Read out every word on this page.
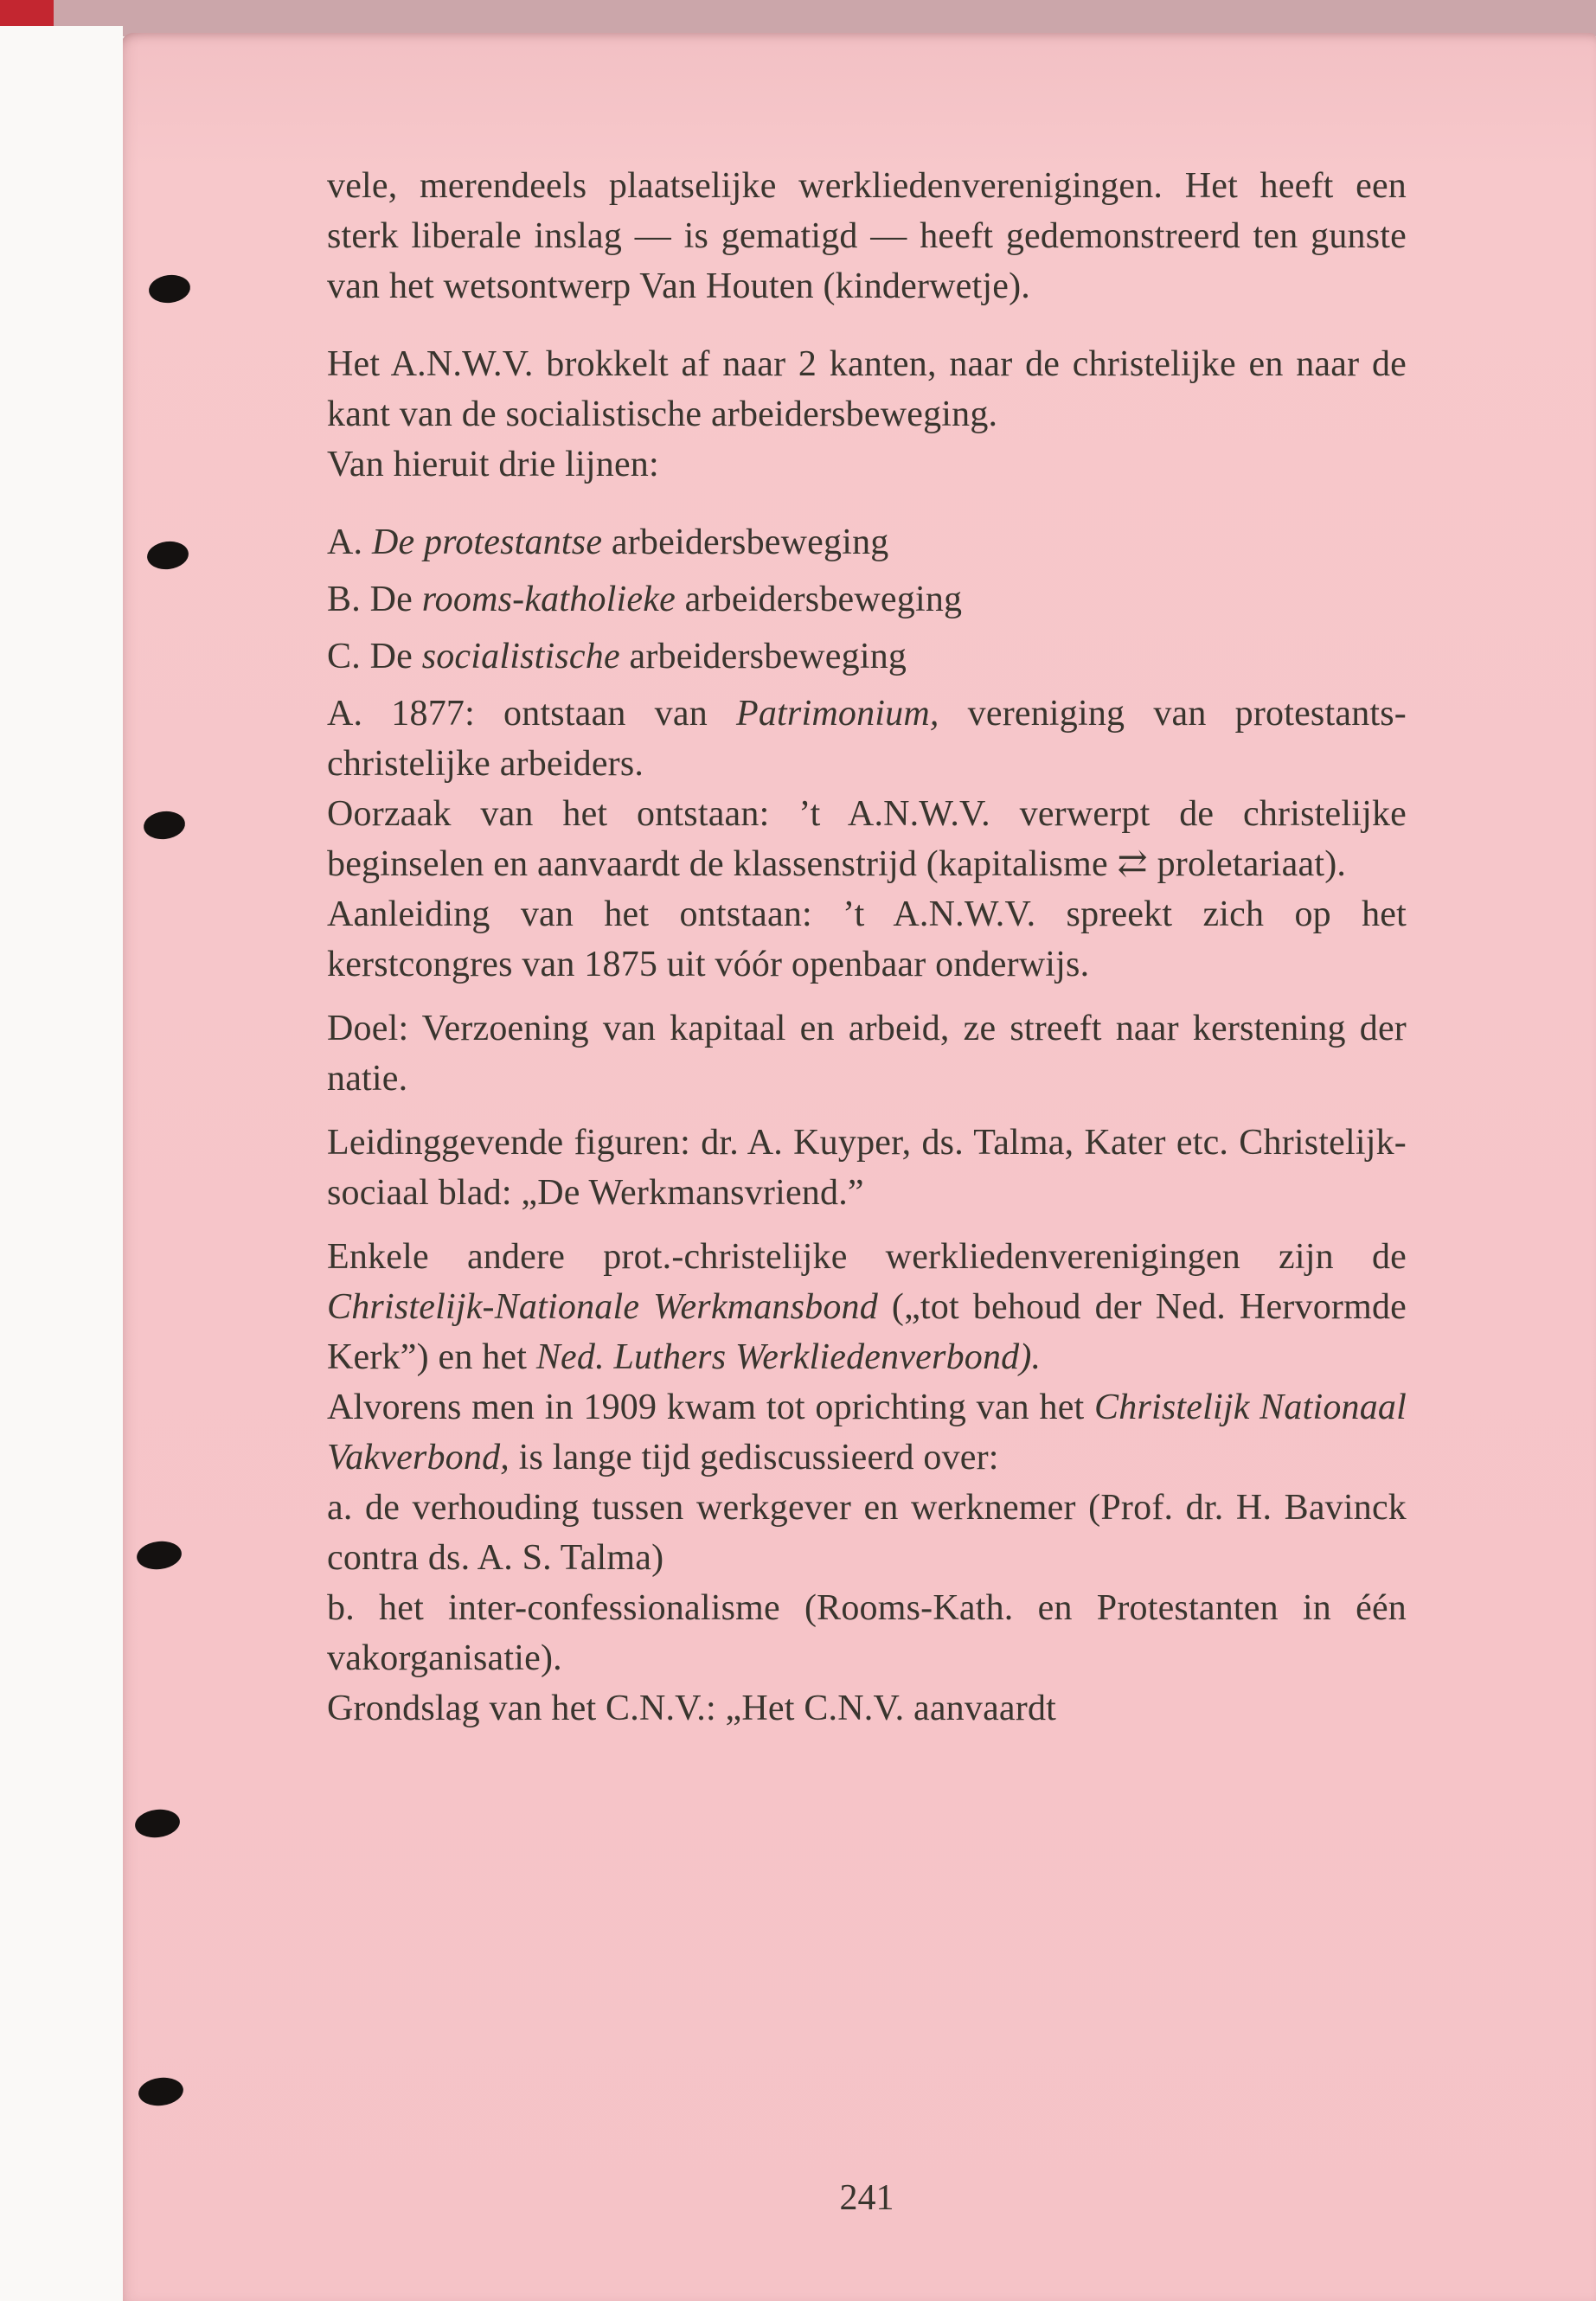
vele, merendeels plaatselijke werkliedenverenigingen. Het heeft een sterk liberale inslag — is gematigd — heeft gedemonstreerd ten gunste van het wetsontwerp Van Houten (kinderwetje).

Het A.N.W.V. brokkelt af naar 2 kanten, naar de christelijke en naar de kant van de socialistische arbeidersbeweging.

Van hieruit drie lijnen:

A. De protestantse arbeidersbeweging

B. De rooms-katholieke arbeidersbeweging

C. De socialistische arbeidersbeweging

A. 1877: ontstaan van Patrimonium, vereniging van protestants-christelijke arbeiders.

Oorzaak van het ontstaan: ’t A.N.W.V. verwerpt de christelijke beginselen en aanvaardt de klassenstrijd (kapitalisme ⇄ proletariaat).

Aanleiding van het ontstaan: ’t A.N.W.V. spreekt zich op het kerstcongres van 1875 uit vóór openbaar onderwijs.

Doel: Verzoening van kapitaal en arbeid, ze streeft naar kerstening der natie.

Leidinggevende figuren: dr. A. Kuyper, ds. Talma, Kater etc. Christelijk-sociaal blad: „De Werkmansvriend.”

Enkele andere prot.-christelijke werkliedenverenigingen zijn de Christelijk-Nationale Werkmansbond („tot behoud der Ned. Hervormde Kerk”) en het Ned. Luthers Werkliedenverbond).

Alvorens men in 1909 kwam tot oprichting van het Christelijk Nationaal Vakverbond, is lange tijd gediscussieerd over:

a. de verhouding tussen werkgever en werknemer (Prof. dr. H. Bavinck contra ds. A. S. Talma)

b. het inter-confessionalisme (Rooms-Kath. en Protestanten in één vakorganisatie).

Grondslag van het C.N.V.: „Het C.N.V. aanvaardt

241
